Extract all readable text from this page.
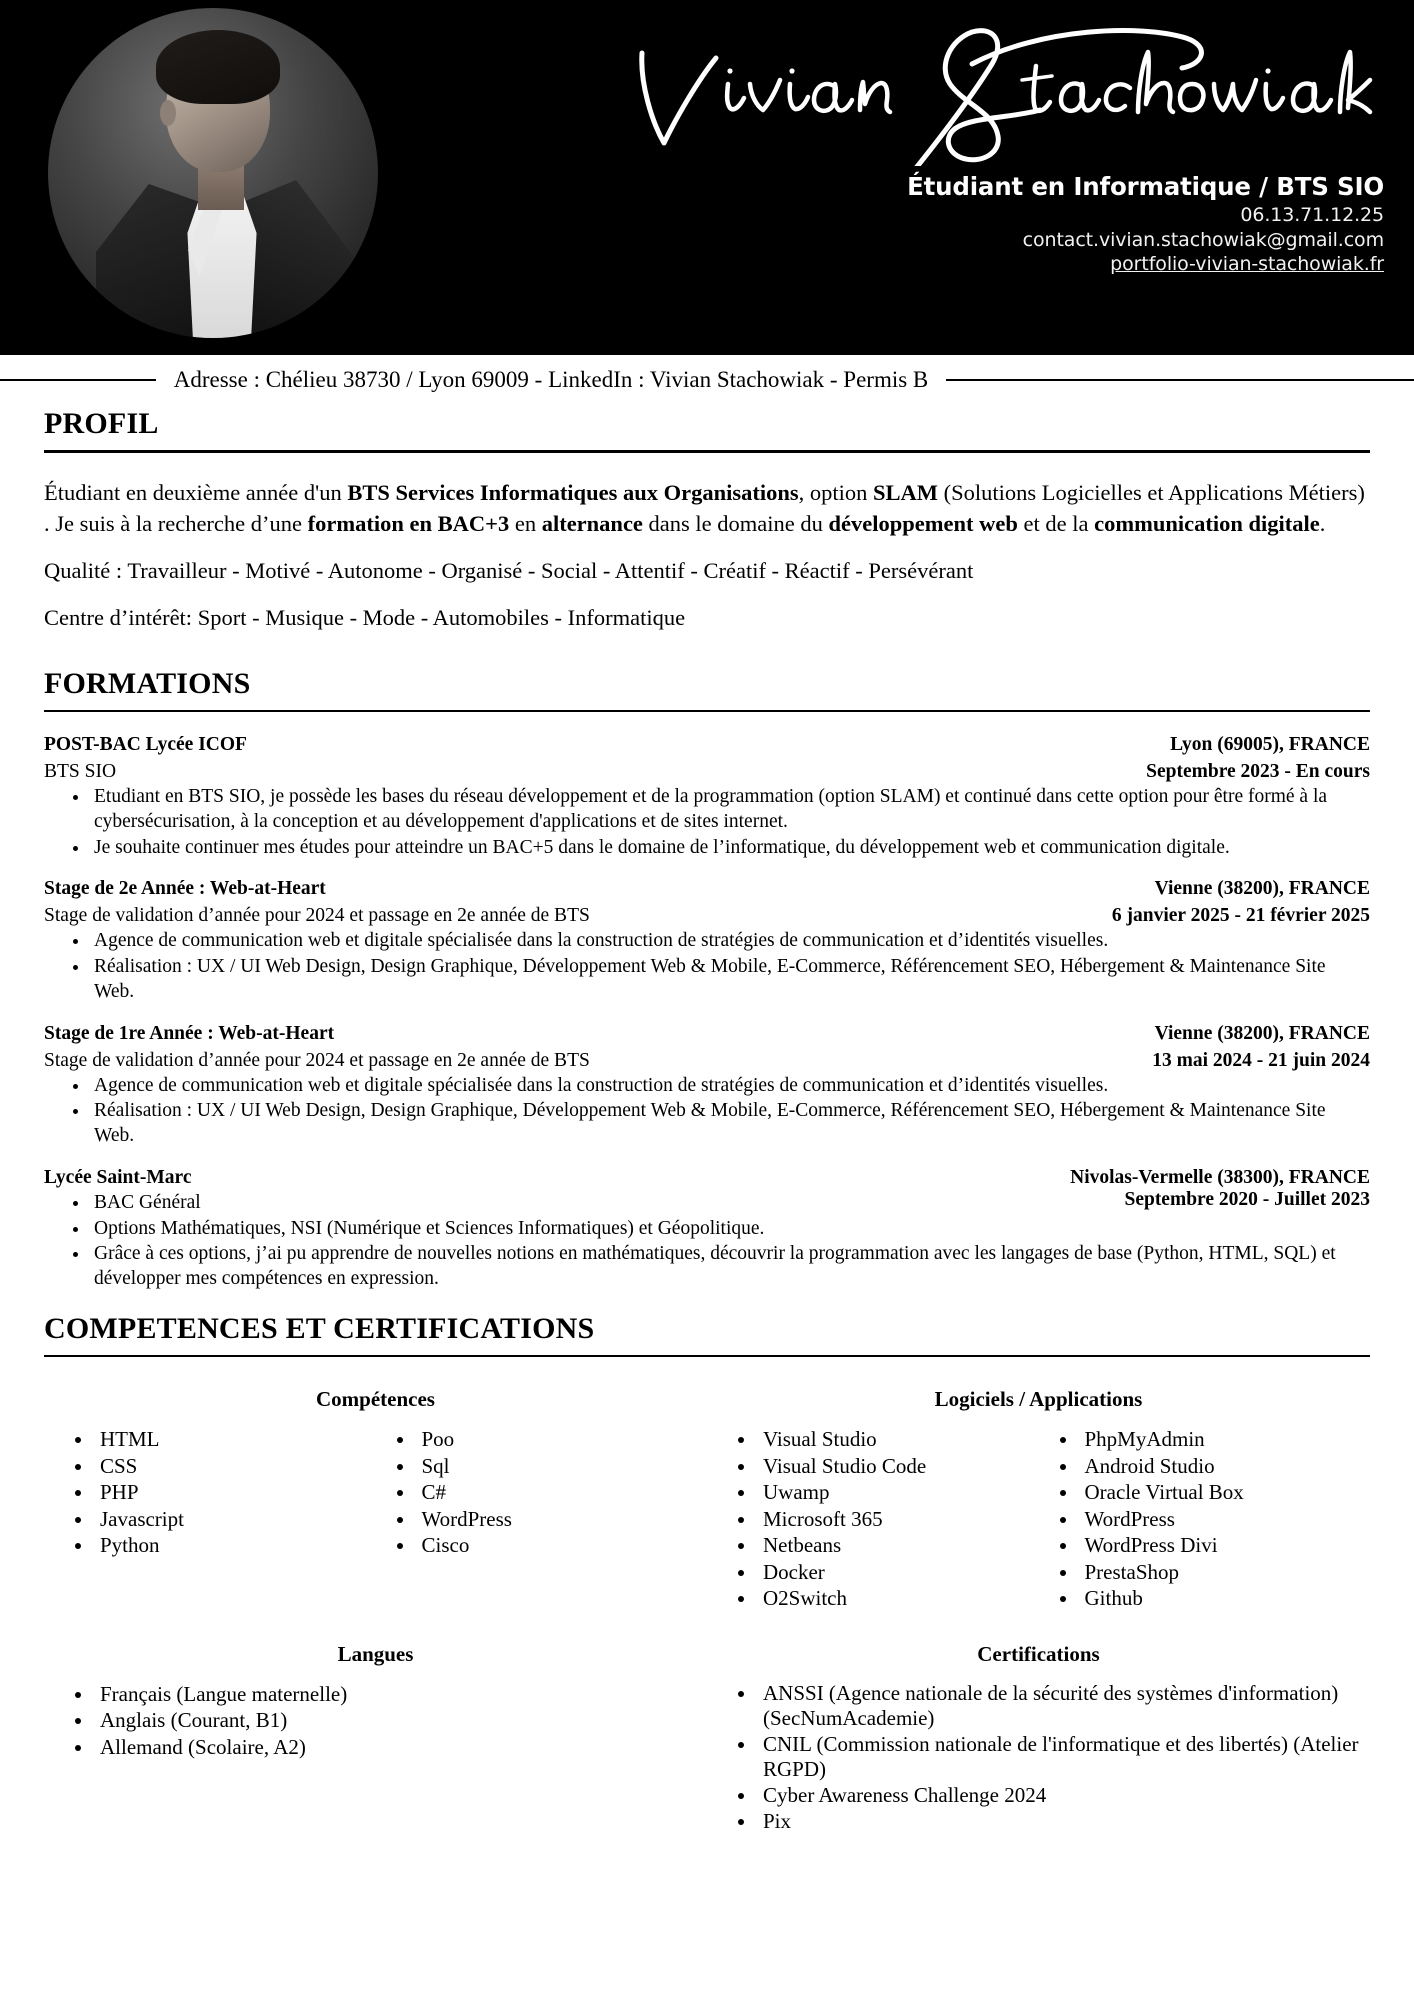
Étudiant en Informatique / BTS SIO
06.13.71.12.25
contact.vivian.stachowiak@gmail.com
portfolio-vivian-stachowiak.fr
Adresse : Chélieu 38730 / Lyon 69009 - LinkedIn : Vivian Stachowiak - Permis B
PROFIL

Étudiant en deuxième année d'un BTS Services Informatiques aux Organisations, option SLAM (Solutions Logicielles et Applications Métiers) . Je suis à la recherche d’une formation en BAC+3 en alternance dans le domaine du développement web et de la communication digitale.

Qualité : Travailleur - Motivé - Autonome - Organisé - Social - Attentif - Créatif - Réactif - Persévérant

Centre d’intérêt: Sport - Musique - Mode - Automobiles - Informatique

FORMATIONS
POST-BAC Lycée ICOF	Lyon (69005), FRANCE
BTS SIO	Septembre 2023 - En cours
• Etudiant en BTS SIO, je possède les bases du réseau développement et de la programmation (option SLAM) et continué dans cette option pour être formé à la cybersécurisation, à la conception et au développement d'applications et de sites internet.
• Je souhaite continuer mes études pour atteindre un BAC+5 dans le domaine de l’informatique, du développement web et communication digitale.
Stage de 2e Année : Web-at-Heart	Vienne (38200), FRANCE
Stage de validation d’année pour 2024 et passage en 2e année de BTS	6 janvier 2025 - 21 février 2025
• Agence de communication web et digitale spécialisée dans la construction de stratégies de communication et d’identités visuelles.
• Réalisation : UX / UI Web Design, Design Graphique, Développement Web & Mobile, E-Commerce, Référencement SEO, Hébergement & Maintenance Site Web.
Stage de 1re Année : Web-at-Heart	Vienne (38200), FRANCE
Stage de validation d’année pour 2024 et passage en 2e année de BTS	13 mai 2024 - 21 juin 2024
• Agence de communication web et digitale spécialisée dans la construction de stratégies de communication et d’identités visuelles.
• Réalisation : UX / UI Web Design, Design Graphique, Développement Web & Mobile, E-Commerce, Référencement SEO, Hébergement & Maintenance Site Web.
Lycée Saint-Marc	Nivolas-Vermelle (38300), FRANCE
Septembre 2020 - Juillet 2023
• BAC Général
• Options Mathématiques, NSI (Numérique et Sciences Informatiques) et Géopolitique.
• Grâce à ces options, j’ai pu apprendre de nouvelles notions en mathématiques, découvrir la programmation avec les langages de base (Python, HTML, SQL) et développer mes compétences en expression.
COMPETENCES ET CERTIFICATIONS
Compétences
• HTML
• CSS
• PHP
• Javascript
• Python
• Poo
• Sql
• C#
• WordPress
• Cisco
Logiciels / Applications
• Visual Studio
• Visual Studio Code
• Uwamp
• Microsoft 365
• Netbeans
• Docker
• O2Switch
• PhpMyAdmin
• Android Studio
• Oracle Virtual Box
• WordPress
• WordPress Divi
• PrestaShop
• Github
Langues
• Français (Langue maternelle)
• Anglais (Courant, B1)
• Allemand (Scolaire, A2)
Certifications
• ANSSI (Agence nationale de la sécurité des systèmes d'information)(SecNumAcademie)
• CNIL (Commission nationale de l'informatique et des libertés) (Atelier RGPD)
• Cyber Awareness Challenge 2024
• Pix
